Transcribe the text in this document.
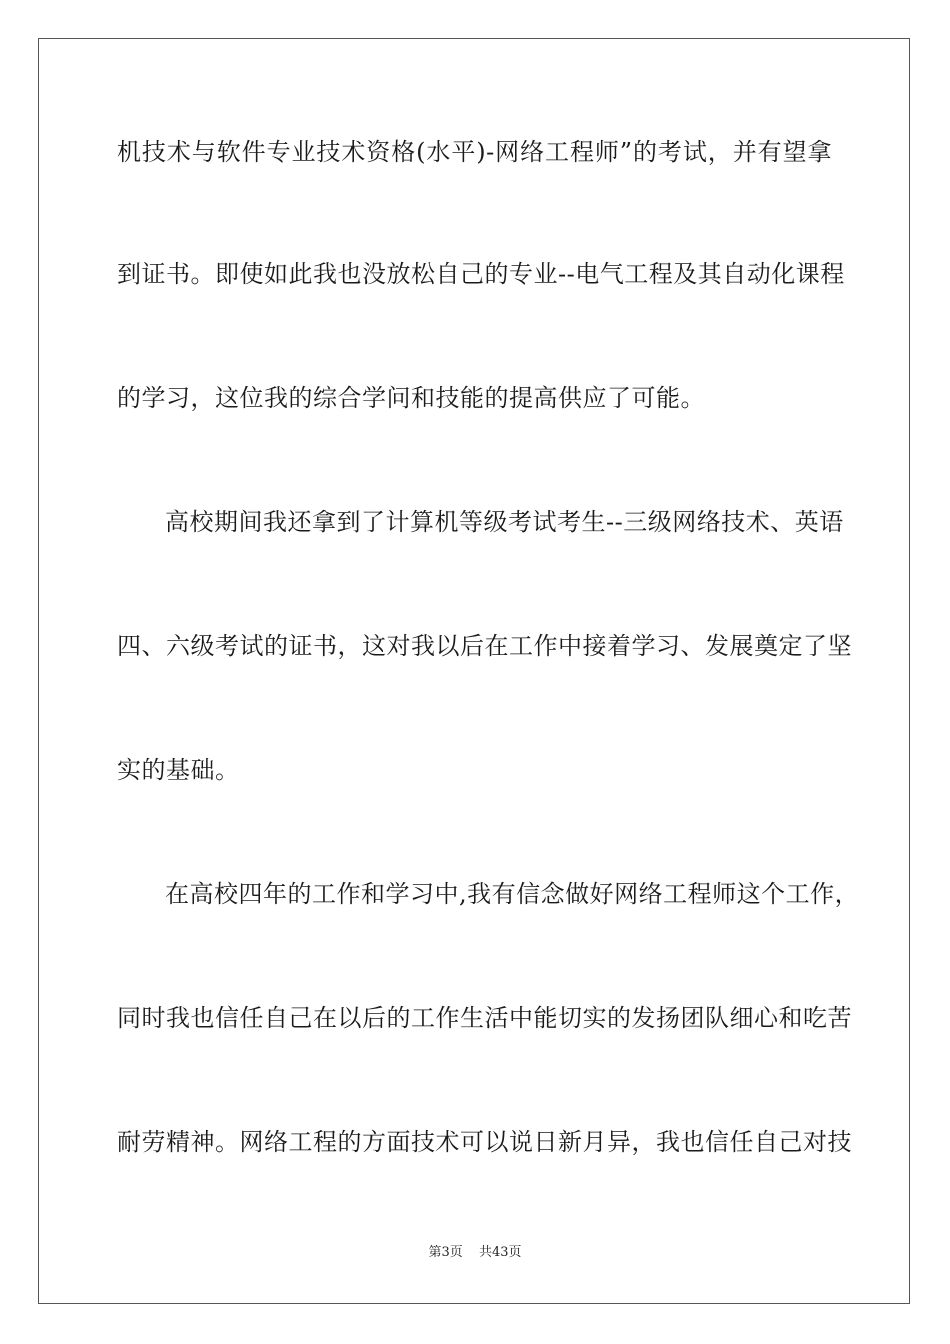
机技术与软件专业技术资格(水平)-网络工程师”的考试，并有望拿
到证书。即使如此我也没放松自己的专业--电气工程及其自动化课程
的学习，这位我的综合学问和技能的提高供应了可能。
高校期间我还拿到了计算机等级考试考生--三级网络技术、英语
四、六级考试的证书，这对我以后在工作中接着学习、发展奠定了坚
实的基础。
在高校四年的工作和学习中,我有信念做好网络工程师这个工作，
同时我也信任自己在以后的工作生活中能切实的发扬团队细心和吃苦
耐劳精神。网络工程的方面技术可以说日新月异，我也信任自己对技
第3页 共43页
